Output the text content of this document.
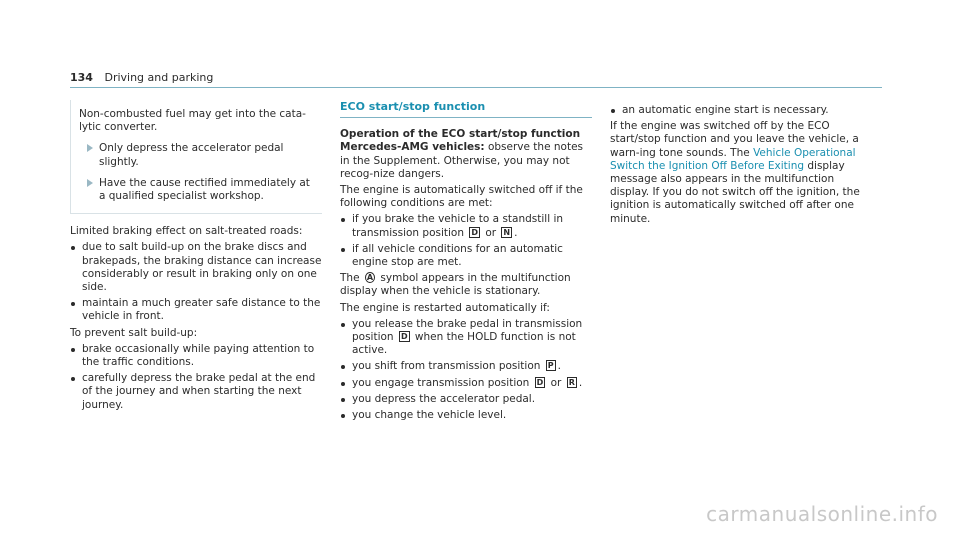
134 Driving and parking

Non-combusted fuel may get into the cata-lytic converter.

Only depress the accelerator pedal slightly.
Have the cause rectified immediately at a qualified specialist workshop.

Limited braking effect on salt-treated roads:

due to salt build-up on the brake discs and brakepads, the braking distance can increase considerably or result in braking only on one side.
maintain a much greater safe distance to the vehicle in front.

To prevent salt build-up:

brake occasionally while paying attention to the traffic conditions.
carefully depress the brake pedal at the end of the journey and when starting the next journey.
ECO start/stop function

Operation of the ECO start/stop function Mercedes-AMG vehicles: observe the notes in the Supplement. Otherwise, you may not recog-nize dangers.

The engine is automatically switched off if the following conditions are met:

if you brake the vehicle to a standstill in transmission position D or N .
if all vehicle conditions for an automatic engine stop are met.

The A symbol appears in the multifunction display when the vehicle is stationary.

The engine is restarted automatically if:

you release the brake pedal in transmission position D when the HOLD function is not active.
you shift from transmission position P .
you engage transmission position D or R .
you depress the accelerator pedal.
you change the vehicle level.
an automatic engine start is necessary.

If the engine was switched off by the ECO start/stop function and you leave the vehicle, a warn-ing tone sounds. The Vehicle Operational Switch the Ignition Off Before Exiting display message also appears in the multifunction display. If you do not switch off the ignition, the ignition is automatically switched off after one minute.

carmanualsonline.info
